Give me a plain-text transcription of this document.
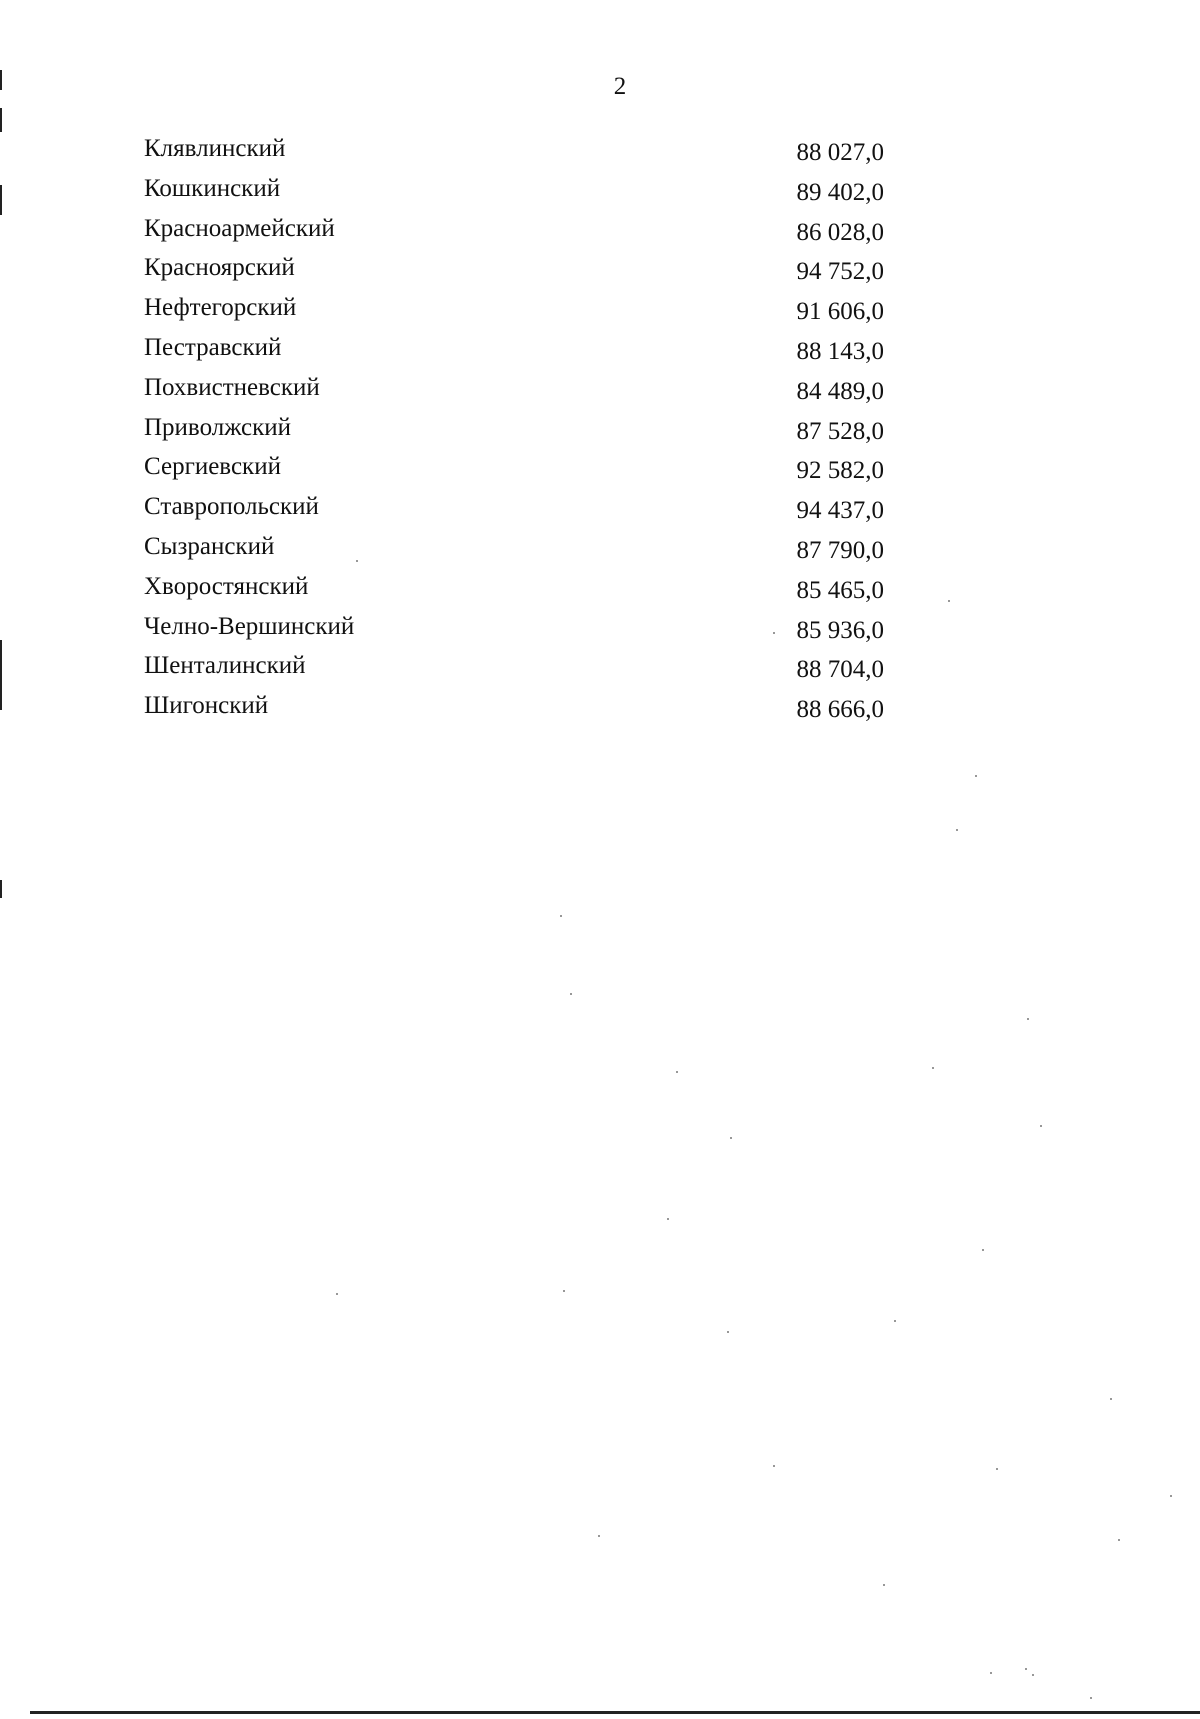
2
Клявлинский	88 027,0
Кошкинский	89 402,0
Красноармейский	86 028,0
Красноярский	94 752,0
Нефтегорский	91 606,0
Пестравский	88 143,0
Похвистневский	84 489,0
Приволжский	87 528,0
Сергиевский	92 582,0
Ставропольский	94 437,0
Сызранский	87 790,0
Хворостянский	85 465,0
Челно-Вершинский	85 936,0
Шенталинский	88 704,0
Шигонский	88 666,0
